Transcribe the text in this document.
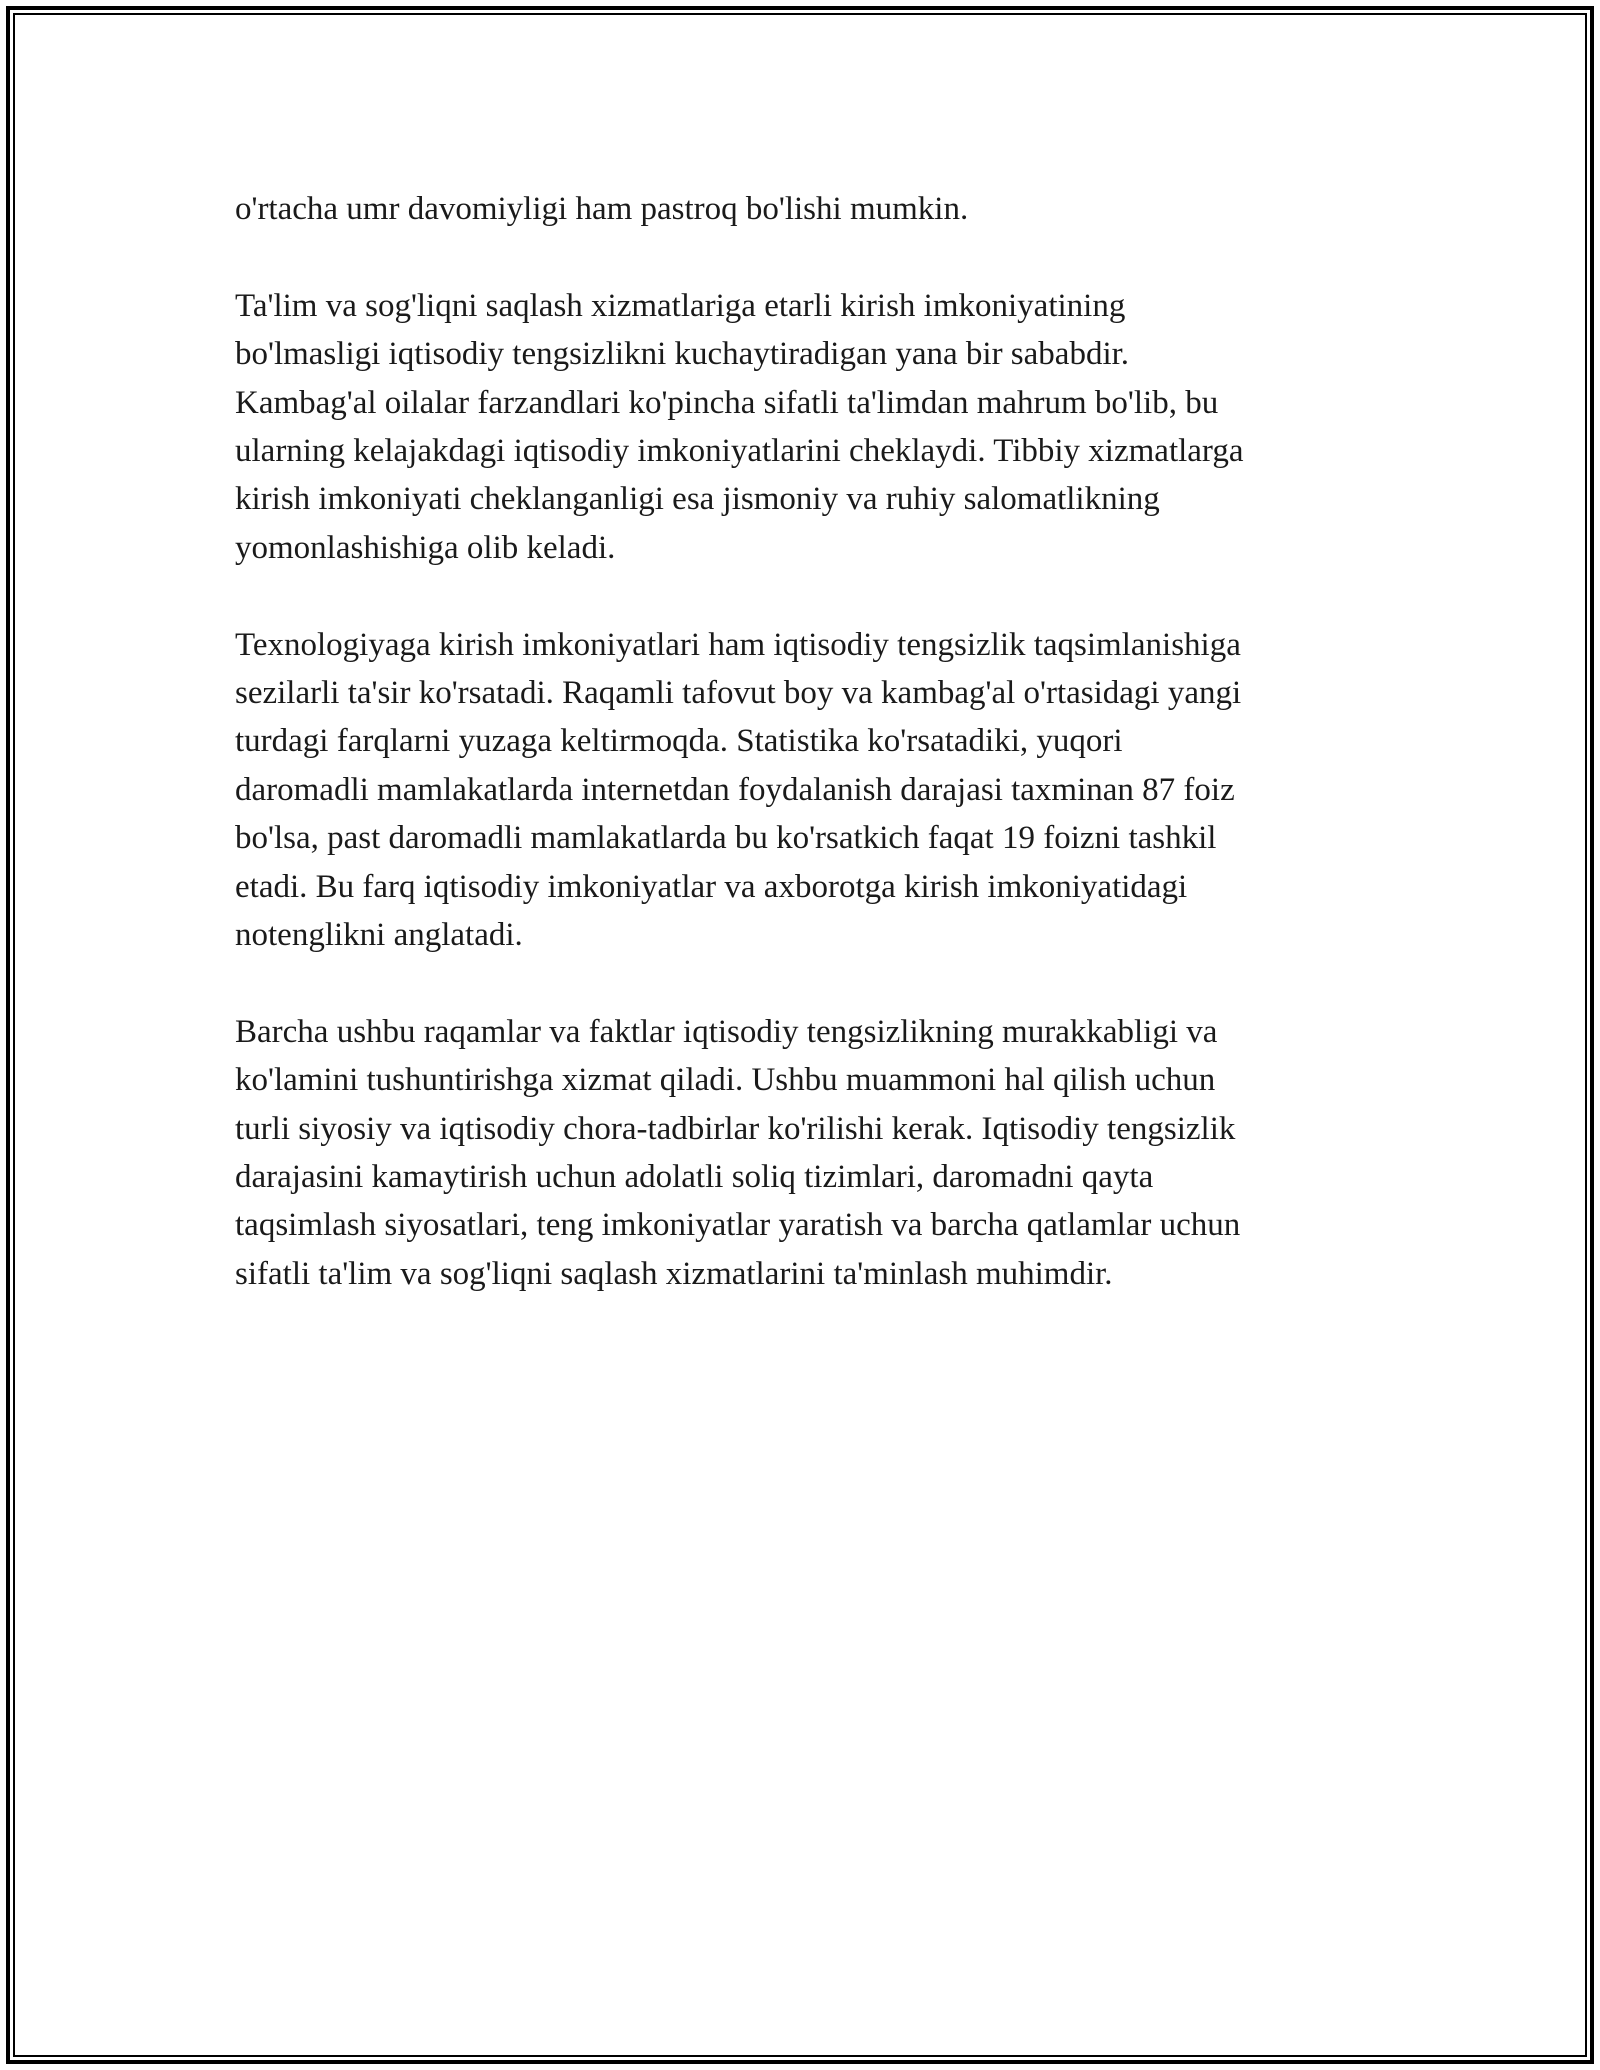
o'rtacha umr davomiyligi ham pastroq bo'lishi mumkin.

Ta'lim va sog'liqni saqlash xizmatlariga etarli kirish imkoniyatining
bo'lmasligi iqtisodiy tengsizlikni kuchaytiradigan yana bir sababdir.
Kambag'al oilalar farzandlari ko'pincha sifatli ta'limdan mahrum bo'lib, bu
ularning kelajakdagi iqtisodiy imkoniyatlarini cheklaydi. Tibbiy xizmatlarga
kirish imkoniyati cheklanganligi esa jismoniy va ruhiy salomatlikning
yomonlashishiga olib keladi.

Texnologiyaga kirish imkoniyatlari ham iqtisodiy tengsizlik taqsimlanishiga
sezilarli ta'sir ko'rsatadi. Raqamli tafovut boy va kambag'al o'rtasidagi yangi
turdagi farqlarni yuzaga keltirmoqda. Statistika ko'rsatadiki, yuqori
daromadli mamlakatlarda internetdan foydalanish darajasi taxminan 87 foiz
bo'lsa, past daromadli mamlakatlarda bu ko'rsatkich faqat 19 foizni tashkil
etadi. Bu farq iqtisodiy imkoniyatlar va axborotga kirish imkoniyatidagi
notenglikni anglatadi.

Barcha ushbu raqamlar va faktlar iqtisodiy tengsizlikning murakkabligi va
ko'lamini tushuntirishga xizmat qiladi. Ushbu muammoni hal qilish uchun
turli siyosiy va iqtisodiy chora-tadbirlar ko'rilishi kerak. Iqtisodiy tengsizlik
darajasini kamaytirish uchun adolatli soliq tizimlari, daromadni qayta
taqsimlash siyosatlari, teng imkoniyatlar yaratish va barcha qatlamlar uchun
sifatli ta'lim va sog'liqni saqlash xizmatlarini ta'minlash muhimdir.
